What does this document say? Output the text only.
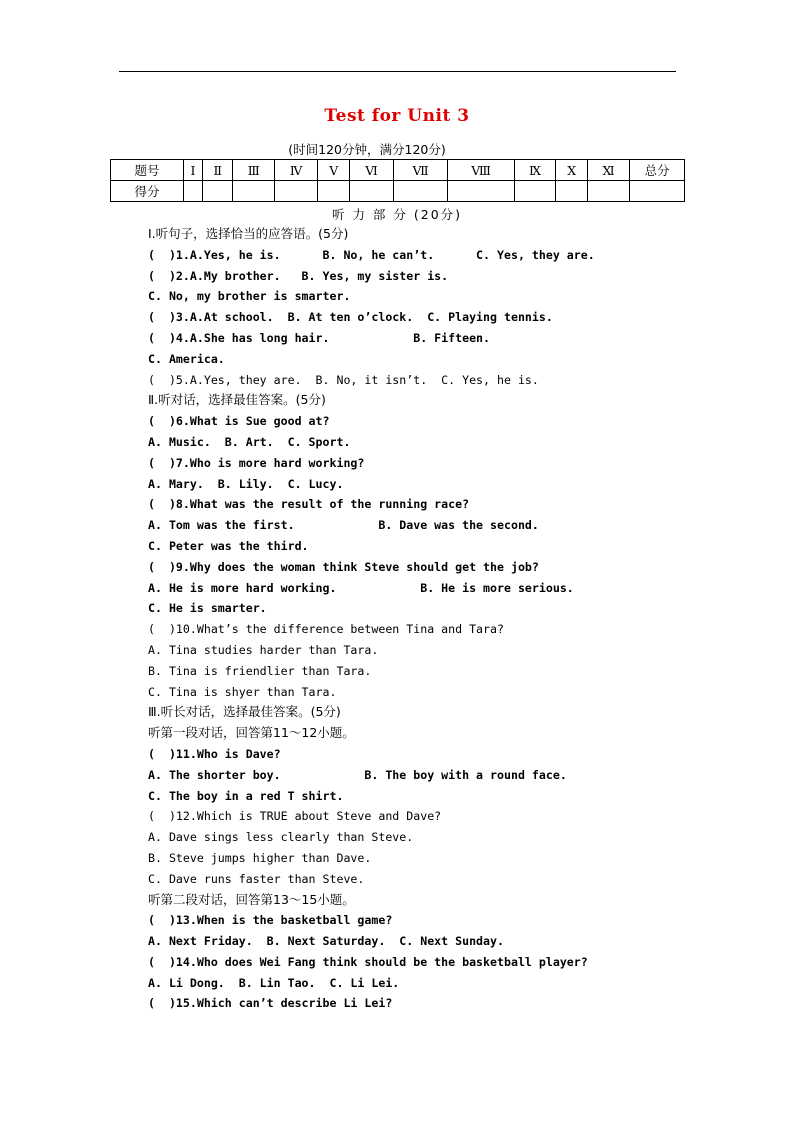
Test for Unit 3
(时间120分钟，满分120分)
题号	Ⅰ	Ⅱ	Ⅲ	Ⅳ	Ⅴ	Ⅵ	Ⅶ	Ⅷ	Ⅸ	Ⅹ	Ⅺ	总分
得分												
听 力 部 分 (20分)
Ⅰ.听句子，选择恰当的应答语。(5分)
(  )1.A.Yes, he is.      B. No, he can’t.      C. Yes, they are.
(  )2.A.My brother.   B. Yes, my sister is.
C. No, my brother is smarter.
(  )3.A.At school.  B. At ten o’clock.  C. Playing tennis.
(  )4.A.She has long hair.            B. Fifteen.
C. America.
(  )5.A.Yes, they are.  B. No, it isn’t.  C. Yes, he is.
Ⅱ.听对话，选择最佳答案。(5分)
(  )6.What is Sue good at?
A. Music.  B. Art.  C. Sport.
(  )7.Who is more hard working?
A. Mary.  B. Lily.  C. Lucy.
(  )8.What was the result of the running race?
A. Tom was the first.            B. Dave was the second.
C. Peter was the third.
(  )9.Why does the woman think Steve should get the job?
A. He is more hard working.            B. He is more serious.
C. He is smarter.
(  )10.What’s the difference between Tina and Tara?
A. Tina studies harder than Tara.
B. Tina is friendlier than Tara.
C. Tina is shyer than Tara.
Ⅲ.听长对话，选择最佳答案。(5分)
听第一段对话，回答第11～12小题。
(  )11.Who is Dave?
A. The shorter boy.            B. The boy with a round face.
C. The boy in a red T shirt.
(  )12.Which is TRUE about Steve and Dave?
A. Dave sings less clearly than Steve.
B. Steve jumps higher than Dave.
C. Dave runs faster than Steve.
听第二段对话，回答第13～15小题。
(  )13.When is the basketball game?
A. Next Friday.  B. Next Saturday.  C. Next Sunday.
(  )14.Who does Wei Fang think should be the basketball player?
A. Li Dong.  B. Lin Tao.  C. Li Lei.
(  )15.Which can’t describe Li Lei?
